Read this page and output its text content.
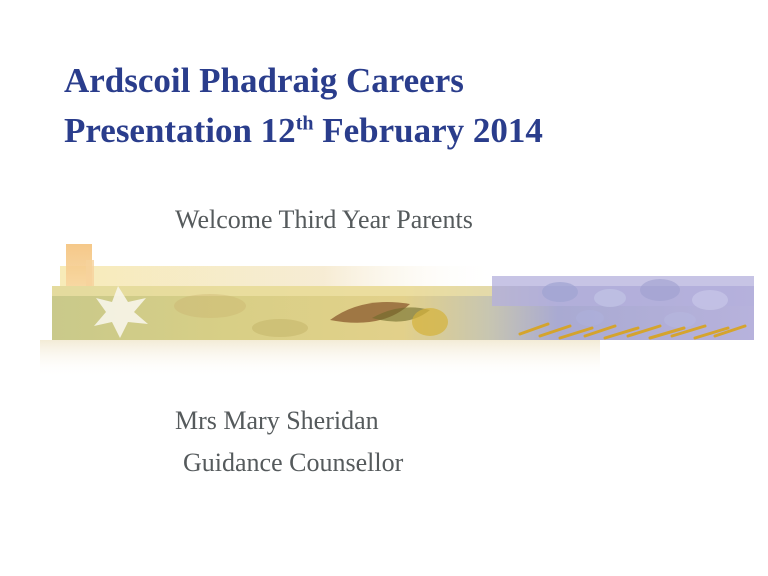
Ardscoil Phadraig Careers
Presentation 12th February 2014
Welcome Third Year Parents
Mrs Mary Sheridan
Guidance Counsellor
